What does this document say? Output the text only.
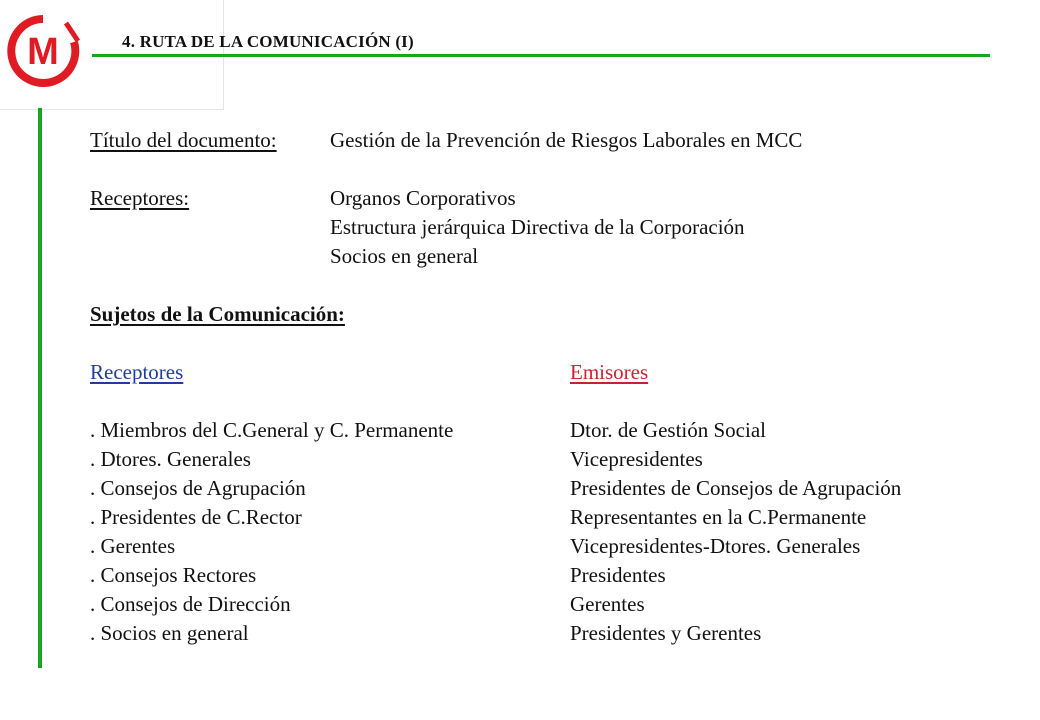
M	4. RUTA DE LA COMUNICACIÓN (I)
Título del documento:	Gestión de la Prevención de Riesgos Laborales en MCC
Receptores:	Organos Corporativos
Estructura jerárquica Directiva de la Corporación
Socios en general
Sujetos de la Comunicación:
Receptores	Emisores
. Miembros del C.General y C. Permanente	Dtor. de Gestión Social
. Dtores. Generales	Vicepresidentes
. Consejos de Agrupación	Presidentes de Consejos de Agrupación
. Presidentes de C.Rector	Representantes en la C.Permanente
. Gerentes	Vicepresidentes-Dtores. Generales
. Consejos Rectores	Presidentes
. Consejos de Dirección	Gerentes
. Socios en general	Presidentes y Gerentes
